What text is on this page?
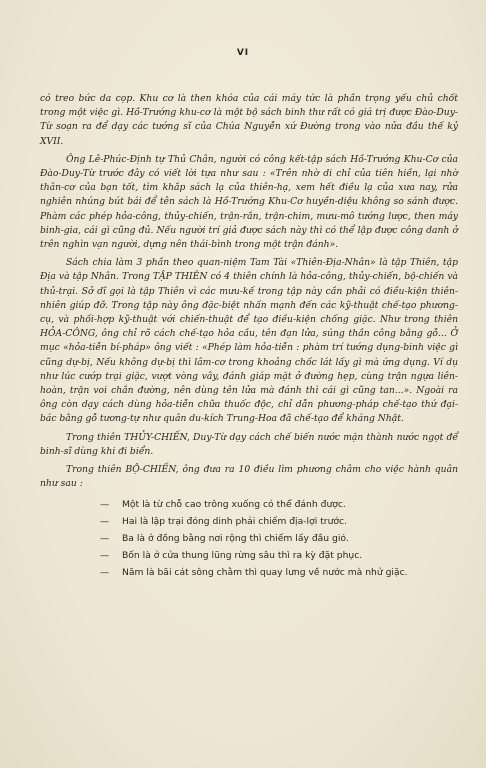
VI

có treo bức da cọp. Khu cơ là then khóa của cái máy tức là phần trọng yếu chủ chốt trong một việc gì. Hồ-Trướng khu-cơ là một bộ sách binh thư rất có giá trị được Đào-Duy-Từ soạn ra để dạy các tướng sĩ của Chúa Nguyễn xứ Đường trong vào nửa đầu thế kỷ XVII.

Ông Lê-Phúc-Định tự Thủ Chân, người có công kết-tập sách Hồ-Trướng Khu-Cơ của Đào-Duy-Từ trước đây có viết lời tựa như sau : «Trên nhờ di chỉ của tiên hiền, lại nhờ thân-cơ của bạn tốt, tìm khắp sách lạ của thiên-hạ, xem hết điều lạ của xưa nay, rửa nghiên nhúng bút bái để tên sách là Hồ-Trướng Khu-Cơ huyền-diệu không so sánh được. Phàm các phép hỏa-công, thủy-chiến, trận-rắn, trận-chim, mưu-mô tướng lược, then máy binh-gia, cái gì cũng đủ. Nếu người trí giả được sách này thì có thể lập được công danh ở trên nghìn vạn người, dựng nên thái-bình trong một trận đánh».

Sách chia làm 3 phần theo quan-niệm Tam Tài «Thiên-Địa-Nhân» là tập Thiên, tập Địa và tập Nhân. Trong TẬP THIÊN có 4 thiên chính là hỏa-công, thủy-chiến, bộ-chiến và thủ-trại. Sở dĩ gọi là tập Thiên vì các mưu-kế trong tập này cần phải có điều-kiện thiên-nhiên giúp đỡ. Trong tập này ông đặc-biệt nhấn mạnh đến các kỹ-thuật chế-tạo phương-cụ, và phối-hợp kỹ-thuật với chiến-thuật để tạo điều-kiện chống giặc. Như trong thiên HỎA-CÔNG, ông chỉ rõ cách chế-tạo hỏa cầu, tên đạn lửa, súng thần công bằng gỗ... Ở mục «hỏa-tiễn bí-pháp» ông viết : «Phép làm hỏa-tiễn : phàm trí tướng dụng-binh việc gì cũng dự-bị, Nếu không dự-bị thì lâm-cơ trong khoảng chốc lát lấy gì mà ứng dụng. Ví dụ như lúc cướp trại giặc, vượt vòng vây, đánh giáp mặt ở đường hẹp, cùng trận ngựa liên-hoàn, trận voi chắn đường, nên dùng tên lửa mà đánh thì cái gì cũng tan...». Ngoài ra ông còn dạy cách dùng hỏa-tiễn chữa thuốc độc, chỉ dẫn phương-pháp chế-tạo thứ đại-bác bằng gỗ tương-tự như quân du-kích Trung-Hoa đã chế-tạo để kháng Nhật.

Trong thiên THỦY-CHIẾN, Duy-Từ dạy cách chế biến nước mặn thành nước ngọt để binh-sĩ dùng khi đi biển.

Trong thiên BỘ-CHIẾN, ông đưa ra 10 điều lìm phương châm cho việc hành quân như sau :

— Một là từ chỗ cao trông xuống có thể đánh được.
— Hai là lập trại đóng dinh phải chiếm địa-lợi trước.
— Ba là ở đồng bằng nơi rộng thì chiếm lấy đầu gió.
— Bốn là ở cửa thung lũng rừng sâu thì ra kỳ đặt phục.
— Năm là bãi cát sông chằm thì quay lưng về nước mà nhử giặc.
